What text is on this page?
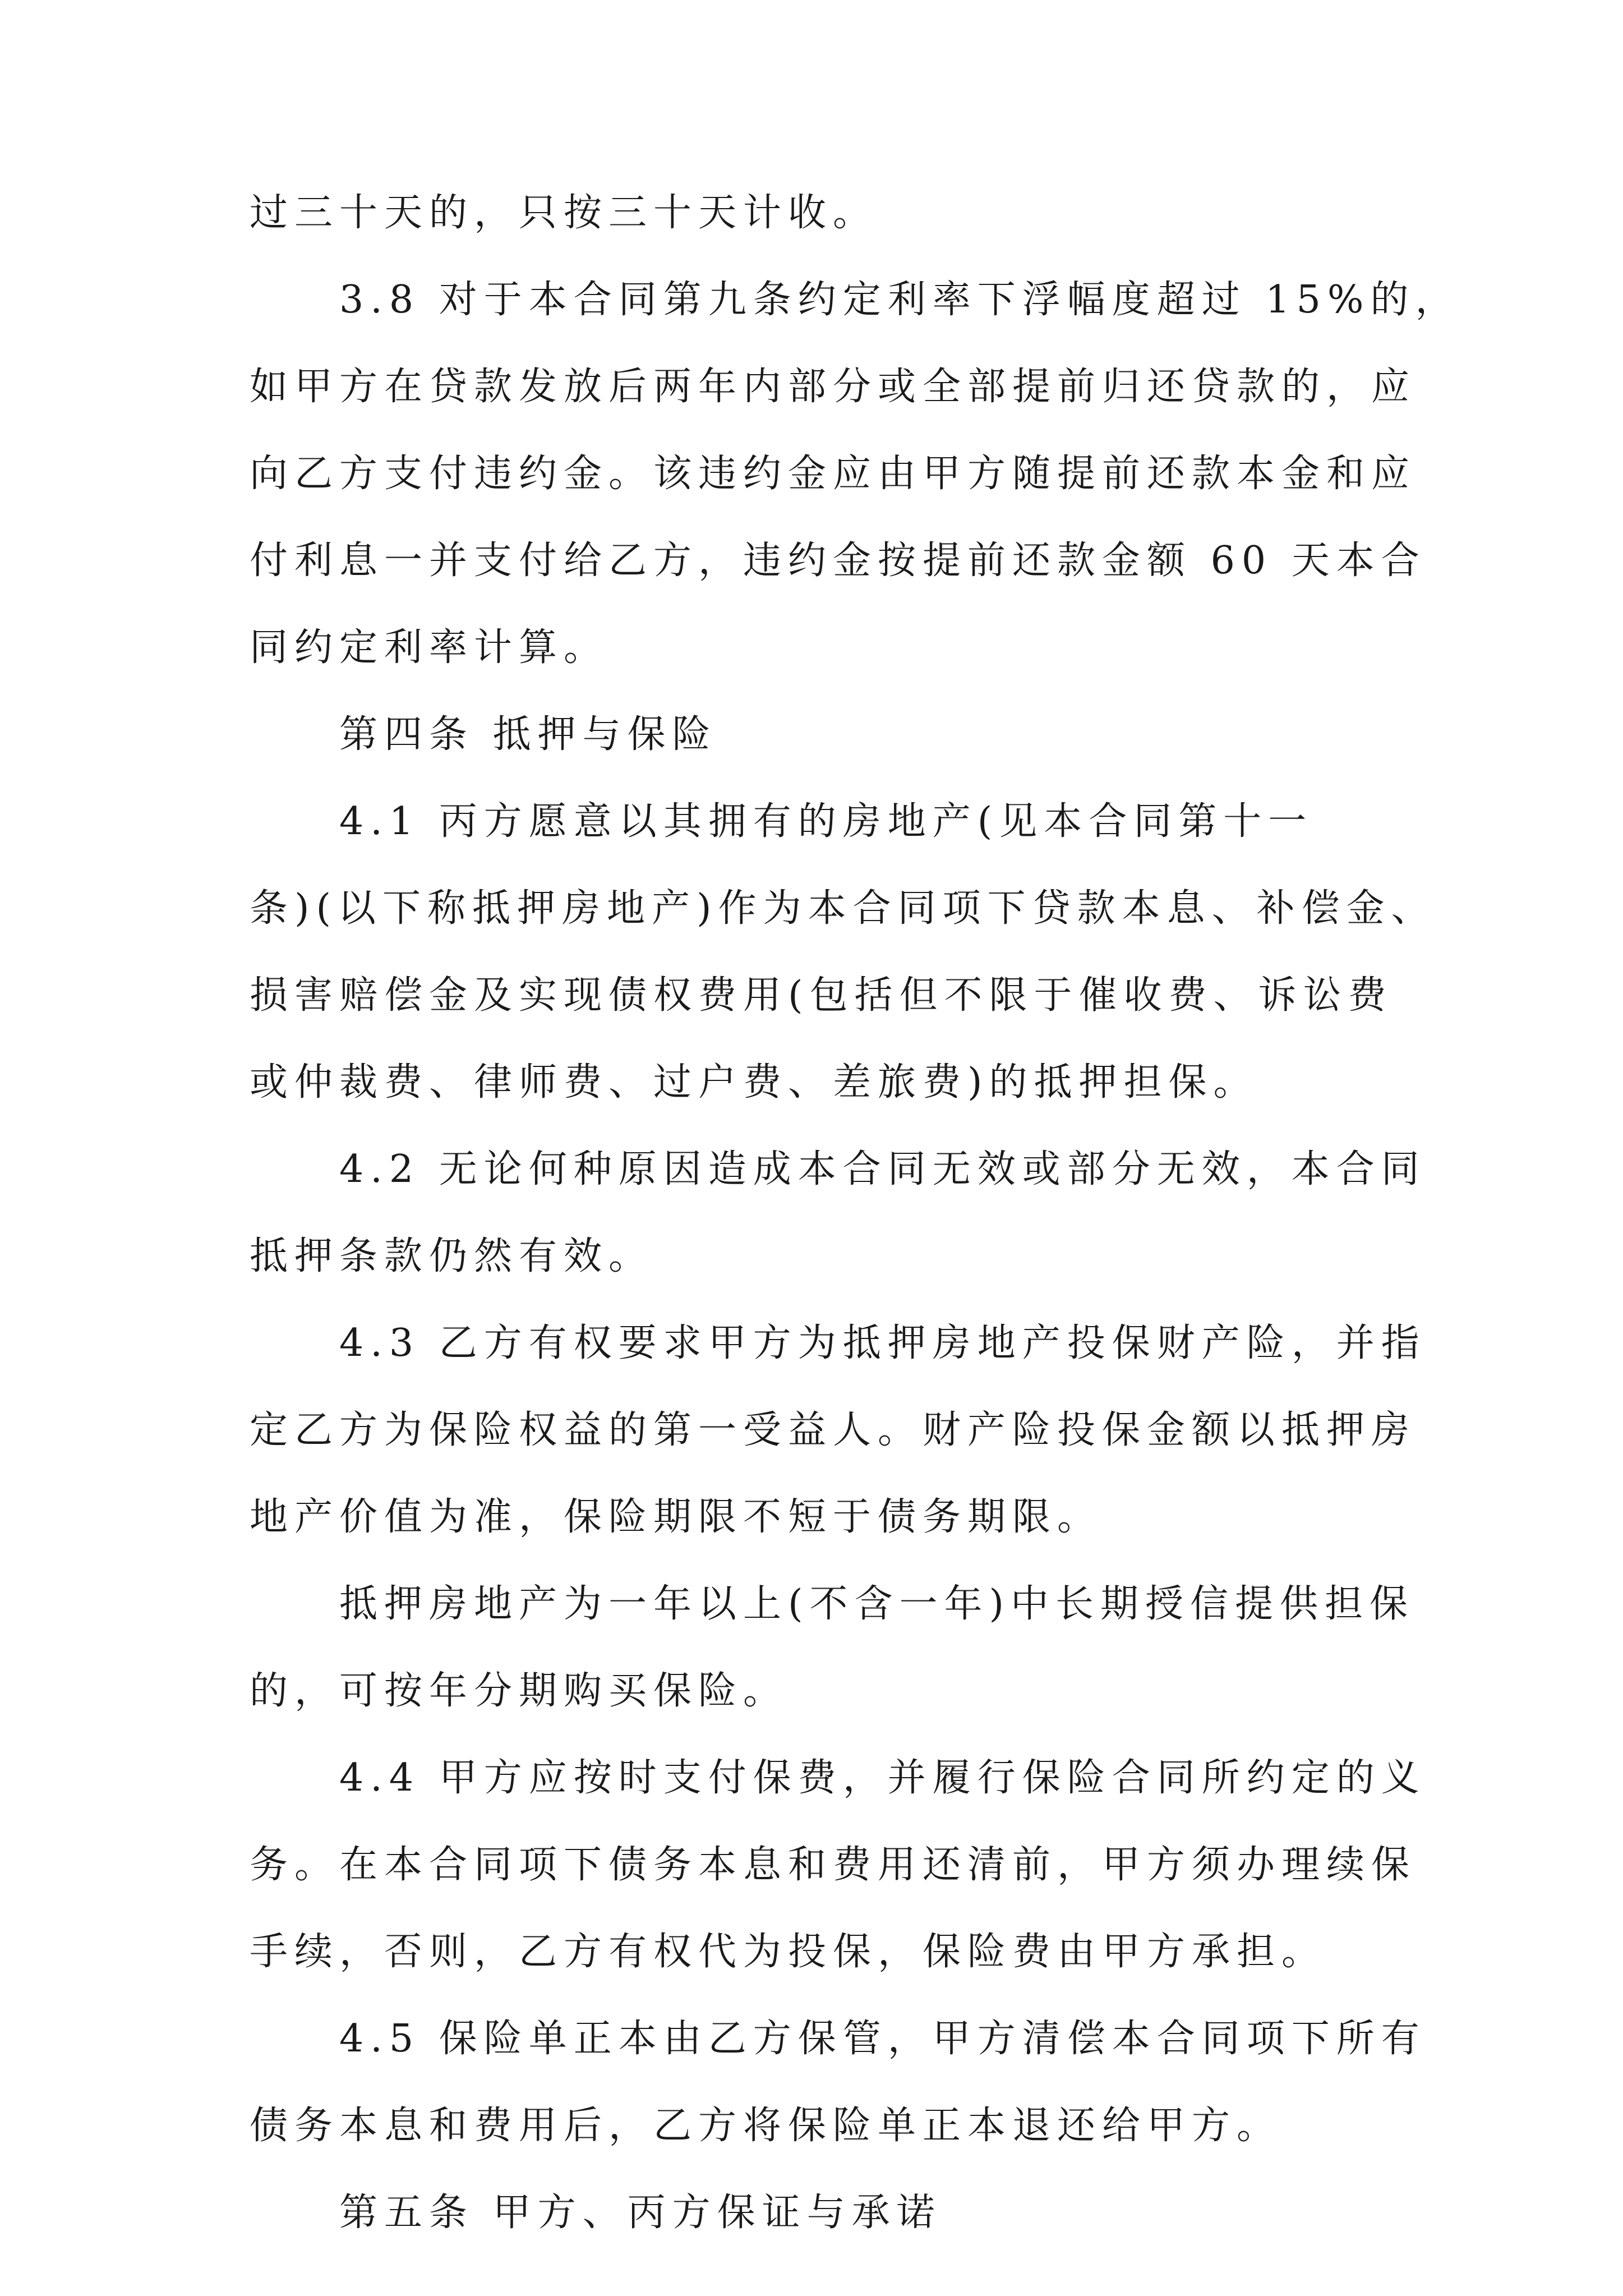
过三十天的，只按三十天计收。

3.8 对于本合同第九条约定利率下浮幅度超过 15%的，

如甲方在贷款发放后两年内部分或全部提前归还贷款的，应

向乙方支付违约金。该违约金应由甲方随提前还款本金和应

付利息一并支付给乙方，违约金按提前还款金额 60 天本合

同约定利率计算。

第四条 抵押与保险

4.1 丙方愿意以其拥有的房地产(见本合同第十一

条)(以下称抵押房地产)作为本合同项下贷款本息、补偿金、

损害赔偿金及实现债权费用(包括但不限于催收费、诉讼费

或仲裁费、律师费、过户费、差旅费)的抵押担保。

4.2 无论何种原因造成本合同无效或部分无效，本合同

抵押条款仍然有效。

4.3 乙方有权要求甲方为抵押房地产投保财产险，并指

定乙方为保险权益的第一受益人。财产险投保金额以抵押房

地产价值为准，保险期限不短于债务期限。

抵押房地产为一年以上(不含一年)中长期授信提供担保

的，可按年分期购买保险。

4.4 甲方应按时支付保费，并履行保险合同所约定的义

务。在本合同项下债务本息和费用还清前，甲方须办理续保

手续，否则，乙方有权代为投保，保险费由甲方承担。

4.5 保险单正本由乙方保管，甲方清偿本合同项下所有

债务本息和费用后，乙方将保险单正本退还给甲方。

第五条 甲方、丙方保证与承诺
